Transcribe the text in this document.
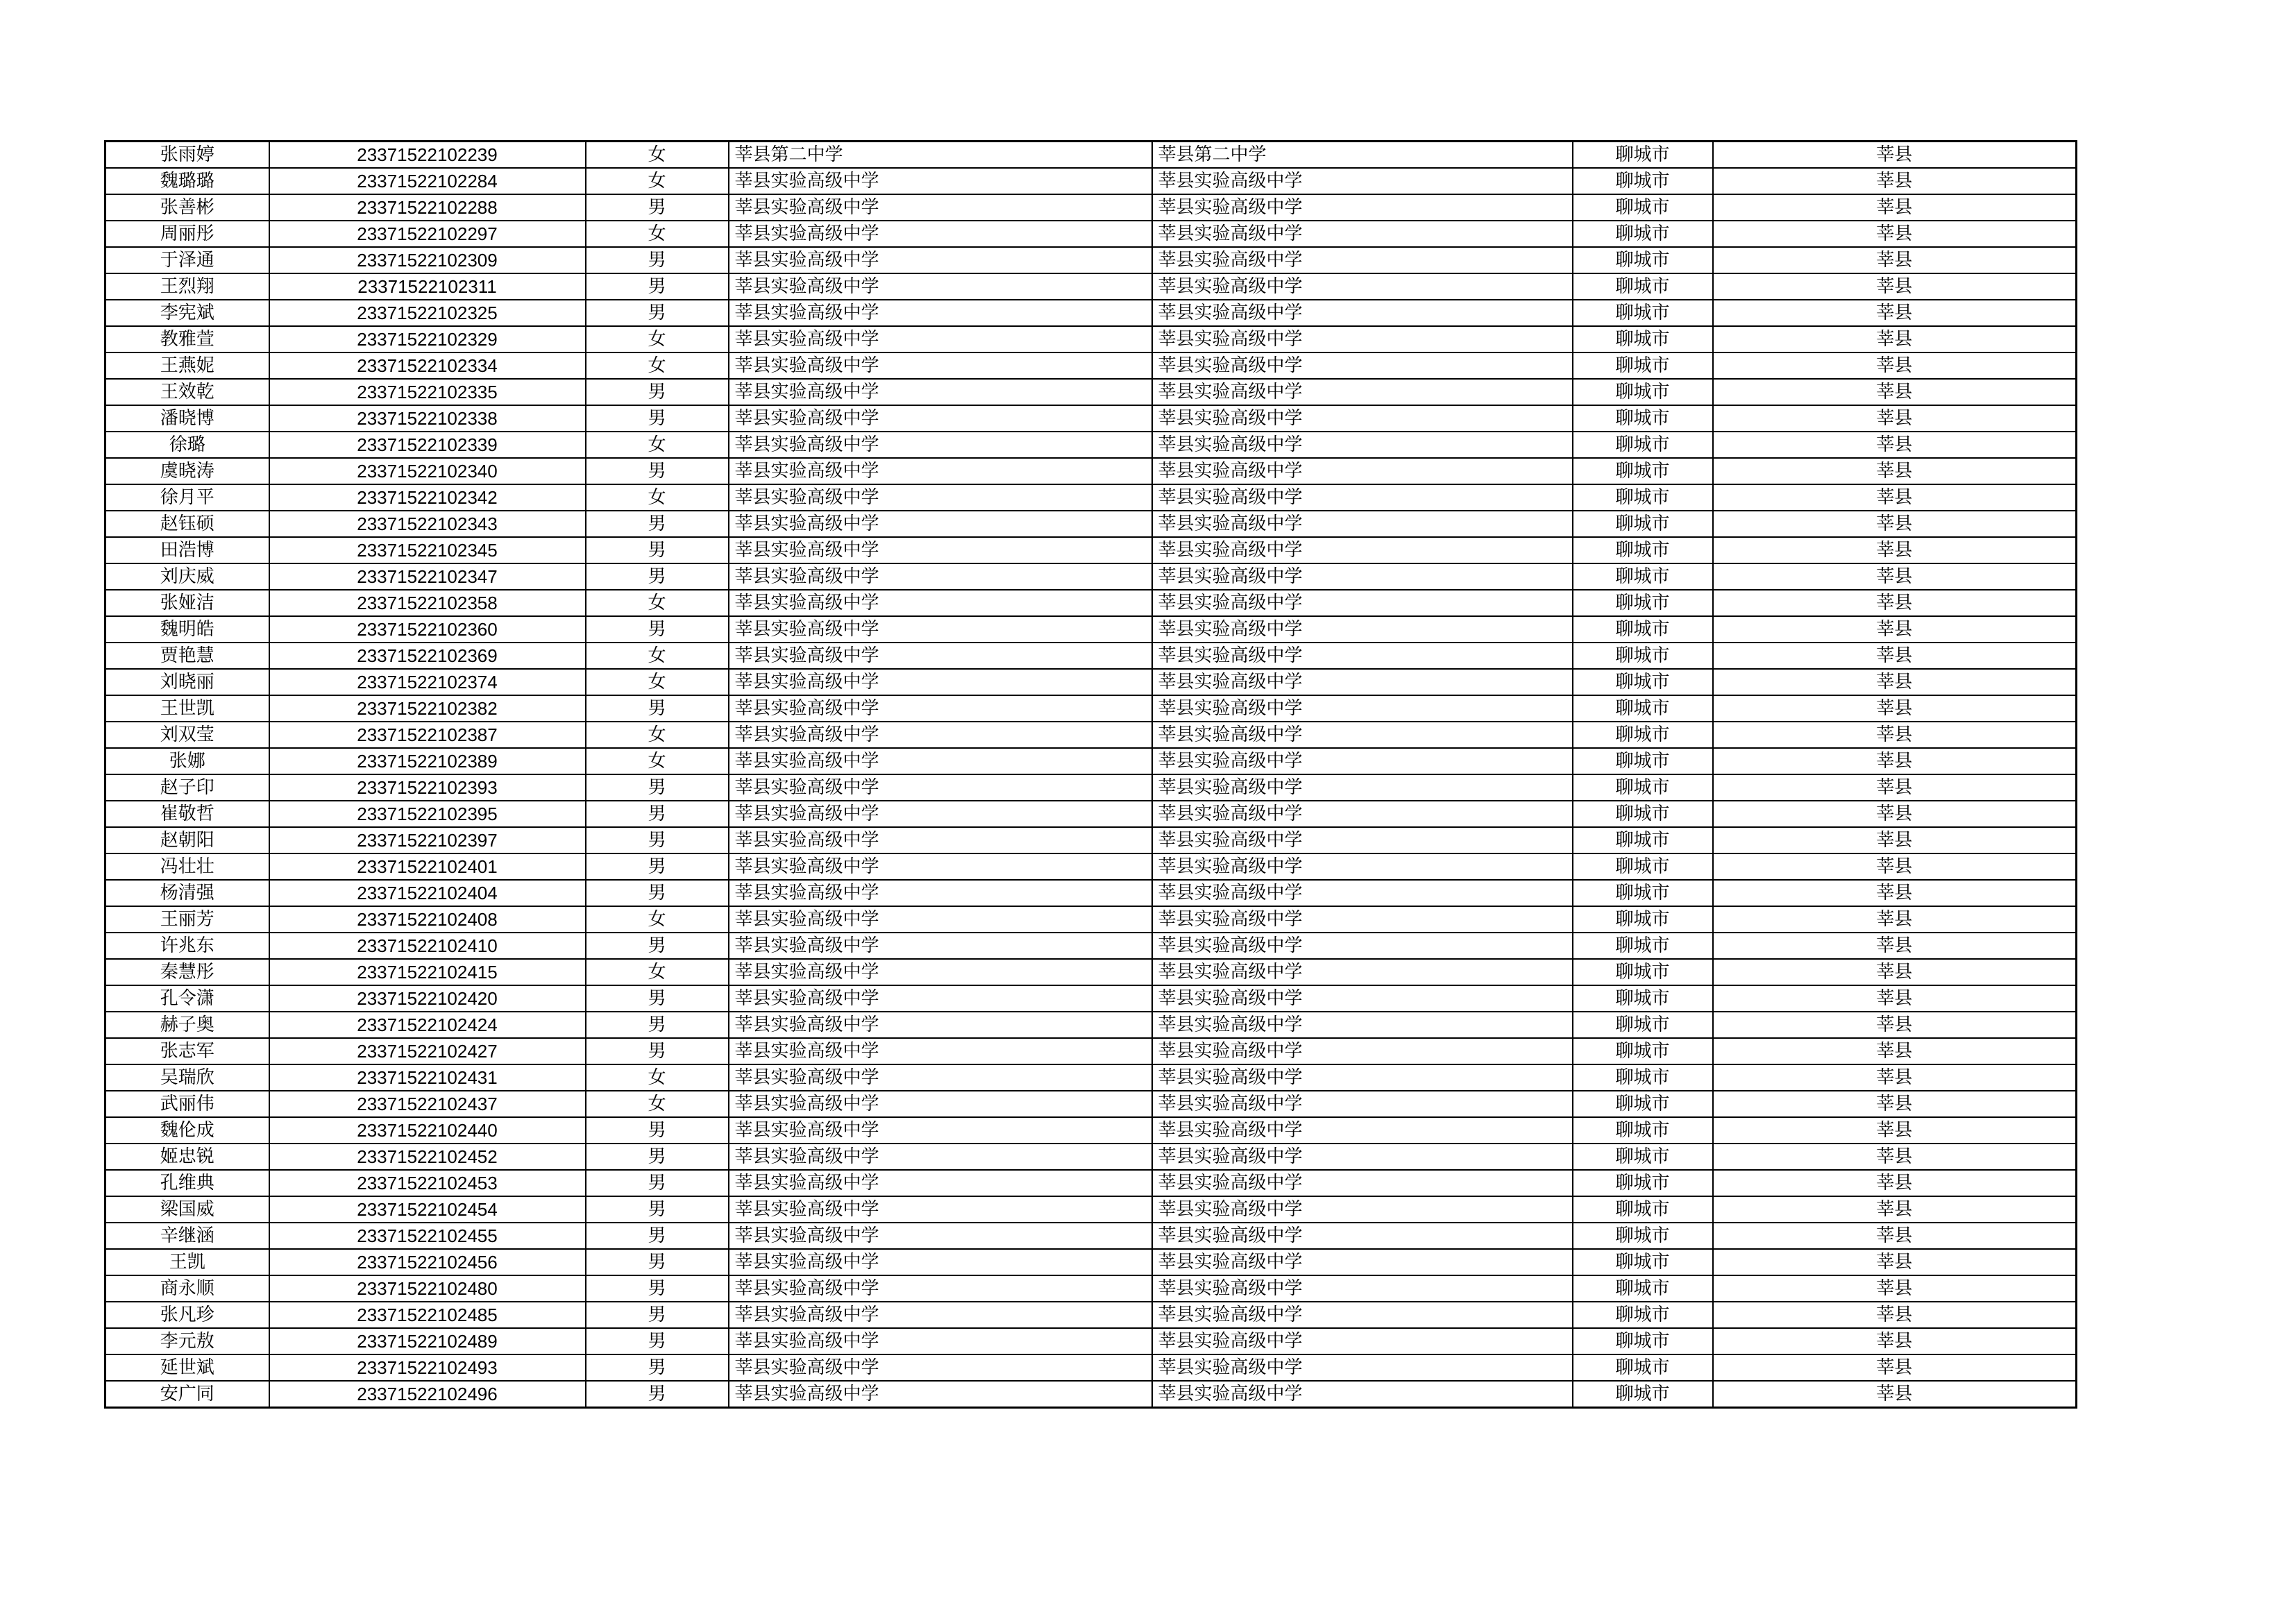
张雨婷	23371522102239	女	莘县第二中学	莘县第二中学	聊城市	莘县
魏璐璐	23371522102284	女	莘县实验高级中学	莘县实验高级中学	聊城市	莘县
张善彬	23371522102288	男	莘县实验高级中学	莘县实验高级中学	聊城市	莘县
周丽彤	23371522102297	女	莘县实验高级中学	莘县实验高级中学	聊城市	莘县
于泽通	23371522102309	男	莘县实验高级中学	莘县实验高级中学	聊城市	莘县
王烈翔	23371522102311	男	莘县实验高级中学	莘县实验高级中学	聊城市	莘县
李宪斌	23371522102325	男	莘县实验高级中学	莘县实验高级中学	聊城市	莘县
教雅萱	23371522102329	女	莘县实验高级中学	莘县实验高级中学	聊城市	莘县
王燕妮	23371522102334	女	莘县实验高级中学	莘县实验高级中学	聊城市	莘县
王效乾	23371522102335	男	莘县实验高级中学	莘县实验高级中学	聊城市	莘县
潘晓博	23371522102338	男	莘县实验高级中学	莘县实验高级中学	聊城市	莘县
徐璐	23371522102339	女	莘县实验高级中学	莘县实验高级中学	聊城市	莘县
虞晓涛	23371522102340	男	莘县实验高级中学	莘县实验高级中学	聊城市	莘县
徐月平	23371522102342	女	莘县实验高级中学	莘县实验高级中学	聊城市	莘县
赵钰硕	23371522102343	男	莘县实验高级中学	莘县实验高级中学	聊城市	莘县
田浩博	23371522102345	男	莘县实验高级中学	莘县实验高级中学	聊城市	莘县
刘庆威	23371522102347	男	莘县实验高级中学	莘县实验高级中学	聊城市	莘县
张娅洁	23371522102358	女	莘县实验高级中学	莘县实验高级中学	聊城市	莘县
魏明皓	23371522102360	男	莘县实验高级中学	莘县实验高级中学	聊城市	莘县
贾艳慧	23371522102369	女	莘县实验高级中学	莘县实验高级中学	聊城市	莘县
刘晓丽	23371522102374	女	莘县实验高级中学	莘县实验高级中学	聊城市	莘县
王世凯	23371522102382	男	莘县实验高级中学	莘县实验高级中学	聊城市	莘县
刘双莹	23371522102387	女	莘县实验高级中学	莘县实验高级中学	聊城市	莘县
张娜	23371522102389	女	莘县实验高级中学	莘县实验高级中学	聊城市	莘县
赵子印	23371522102393	男	莘县实验高级中学	莘县实验高级中学	聊城市	莘县
崔敬哲	23371522102395	男	莘县实验高级中学	莘县实验高级中学	聊城市	莘县
赵朝阳	23371522102397	男	莘县实验高级中学	莘县实验高级中学	聊城市	莘县
冯壮壮	23371522102401	男	莘县实验高级中学	莘县实验高级中学	聊城市	莘县
杨清强	23371522102404	男	莘县实验高级中学	莘县实验高级中学	聊城市	莘县
王丽芳	23371522102408	女	莘县实验高级中学	莘县实验高级中学	聊城市	莘县
许兆东	23371522102410	男	莘县实验高级中学	莘县实验高级中学	聊城市	莘县
秦慧彤	23371522102415	女	莘县实验高级中学	莘县实验高级中学	聊城市	莘县
孔令潇	23371522102420	男	莘县实验高级中学	莘县实验高级中学	聊城市	莘县
赫子奥	23371522102424	男	莘县实验高级中学	莘县实验高级中学	聊城市	莘县
张志军	23371522102427	男	莘县实验高级中学	莘县实验高级中学	聊城市	莘县
吴瑞欣	23371522102431	女	莘县实验高级中学	莘县实验高级中学	聊城市	莘县
武丽伟	23371522102437	女	莘县实验高级中学	莘县实验高级中学	聊城市	莘县
魏伦成	23371522102440	男	莘县实验高级中学	莘县实验高级中学	聊城市	莘县
姬忠锐	23371522102452	男	莘县实验高级中学	莘县实验高级中学	聊城市	莘县
孔维典	23371522102453	男	莘县实验高级中学	莘县实验高级中学	聊城市	莘县
梁国威	23371522102454	男	莘县实验高级中学	莘县实验高级中学	聊城市	莘县
辛继涵	23371522102455	男	莘县实验高级中学	莘县实验高级中学	聊城市	莘县
王凯	23371522102456	男	莘县实验高级中学	莘县实验高级中学	聊城市	莘县
商永顺	23371522102480	男	莘县实验高级中学	莘县实验高级中学	聊城市	莘县
张凡珍	23371522102485	男	莘县实验高级中学	莘县实验高级中学	聊城市	莘县
李元敖	23371522102489	男	莘县实验高级中学	莘县实验高级中学	聊城市	莘县
延世斌	23371522102493	男	莘县实验高级中学	莘县实验高级中学	聊城市	莘县
安广同	23371522102496	男	莘县实验高级中学	莘县实验高级中学	聊城市	莘县
